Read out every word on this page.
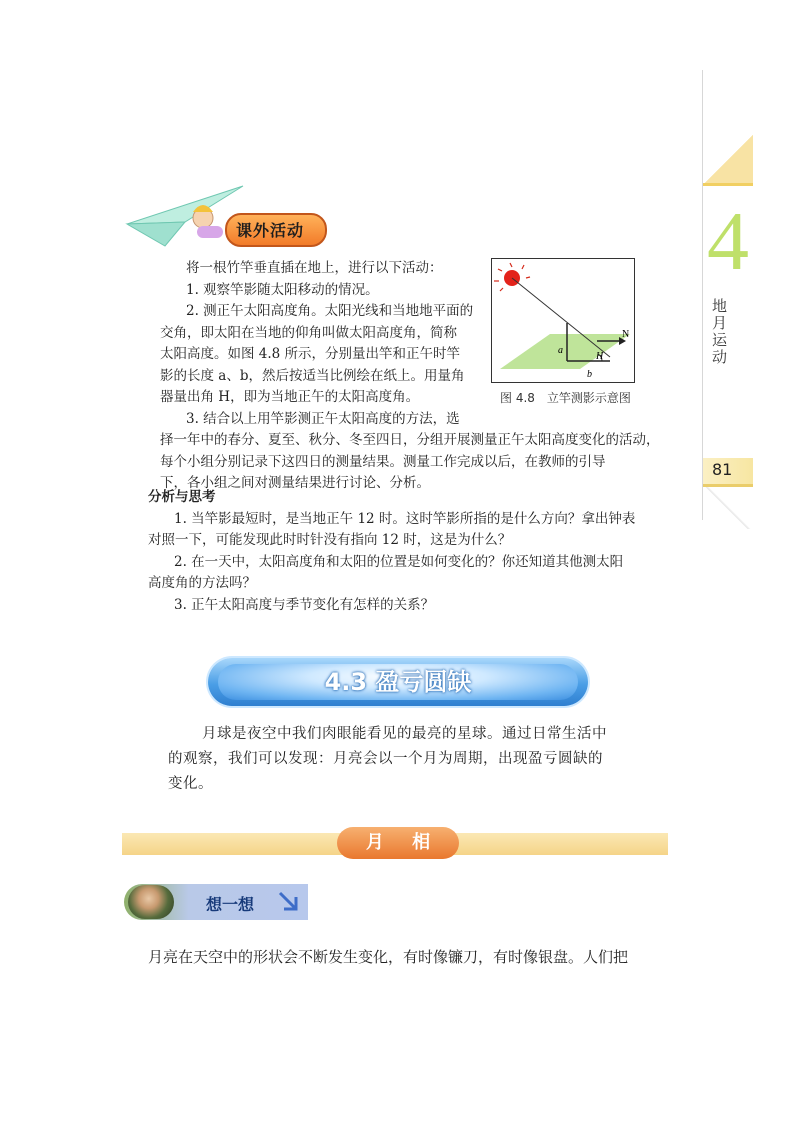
4
地月运动
81
课外活动

将一根竹竿垂直插在地上，进行以下活动：

1. 观察竿影随太阳移动的情况。

2. 测正午太阳高度角。太阳光线和当地地平面的

交角，即太阳在当地的仰角叫做太阳高度角，简称

太阳高度。如图 4.8 所示，分别量出竿和正午时竿

影的长度 a、b，然后按适当比例绘在纸上。用量角

器量出角 H，即为当地正午的太阳高度角。

3. 结合以上用竿影测正午太阳高度的方法，选

择一年中的春分、夏至、秋分、冬至四日，分组开展测量正午太阳高度变化的活动，

每个小组分别记录下这四日的测量结果。测量工作完成以后，在教师的引导

下，各小组之间对测量结果进行讨论、分析。

a
b
H
N
图 4.8　立竿测影示意图

分析与思考

1. 当竿影最短时，是当地正午 12 时。这时竿影所指的是什么方向？拿出钟表

对照一下，可能发现此时时针没有指向 12 时，这是为什么？

2. 在一天中，太阳高度角和太阳的位置是如何变化的？你还知道其他测太阳

高度角的方法吗？

3. 正午太阳高度与季节变化有怎样的关系？

4.3 盈亏圆缺

月球是夜空中我们肉眼能看见的最亮的星球。通过日常生活中

的观察，我们可以发现：月亮会以一个月为周期，出现盈亏圆缺的

变化。

月 相
想一想
月亮在天空中的形状会不断发生变化，有时像镰刀，有时像银盘。人们把
